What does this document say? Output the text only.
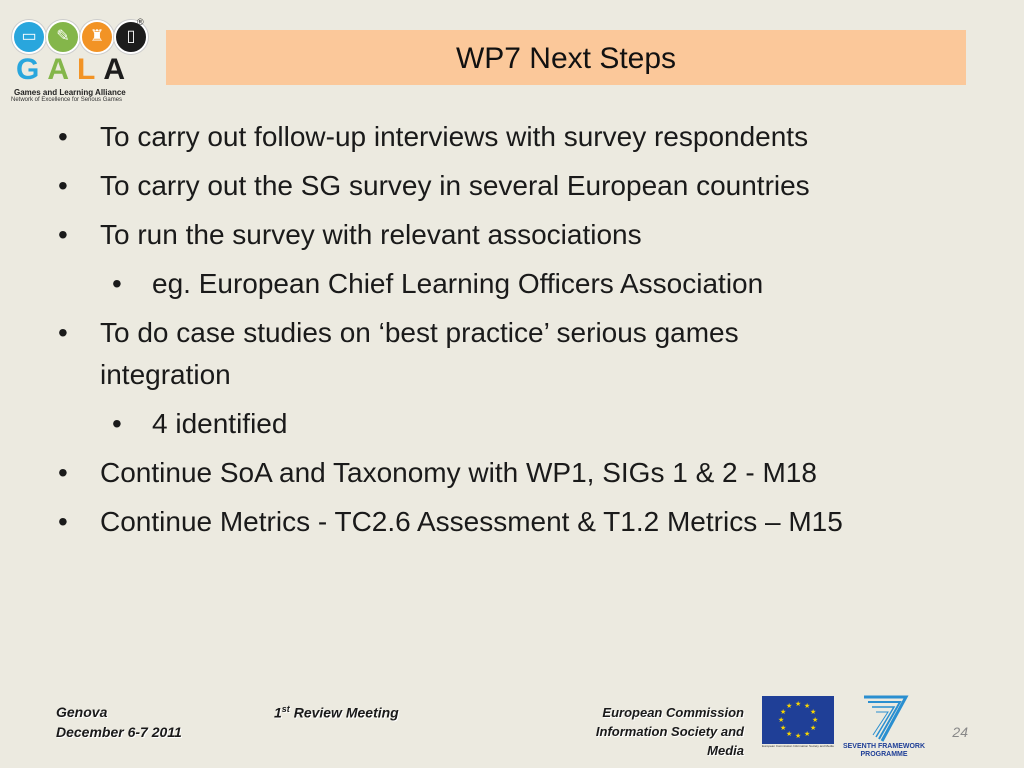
▭	✎	♜	▯
®
GALA
Games and Learning Alliance
Network of Excellence for Serious Games
WP7 Next Steps
• To carry out follow-up interviews with survey respondents
• To carry out the SG survey in several European countries
• To run the survey with relevant associations
• eg. European Chief Learning Officers Association
• To do case studies on ‘best practice’ serious games
integration
• 4 identified
• Continue SoA and Taxonomy with WP1, SIGs 1 & 2 - M18
• Continue Metrics - TC2.6 Assessment & T1.2 Metrics – M15
Genova
December 6-7 2011
1st Review Meeting	European Commission
Information Society and
Media
★ ★
★
★
★
★
★
★
★
★
★
★
European Commission Information Society and Media	SEVENTH FRAMEWORK PROGRAMME
24
